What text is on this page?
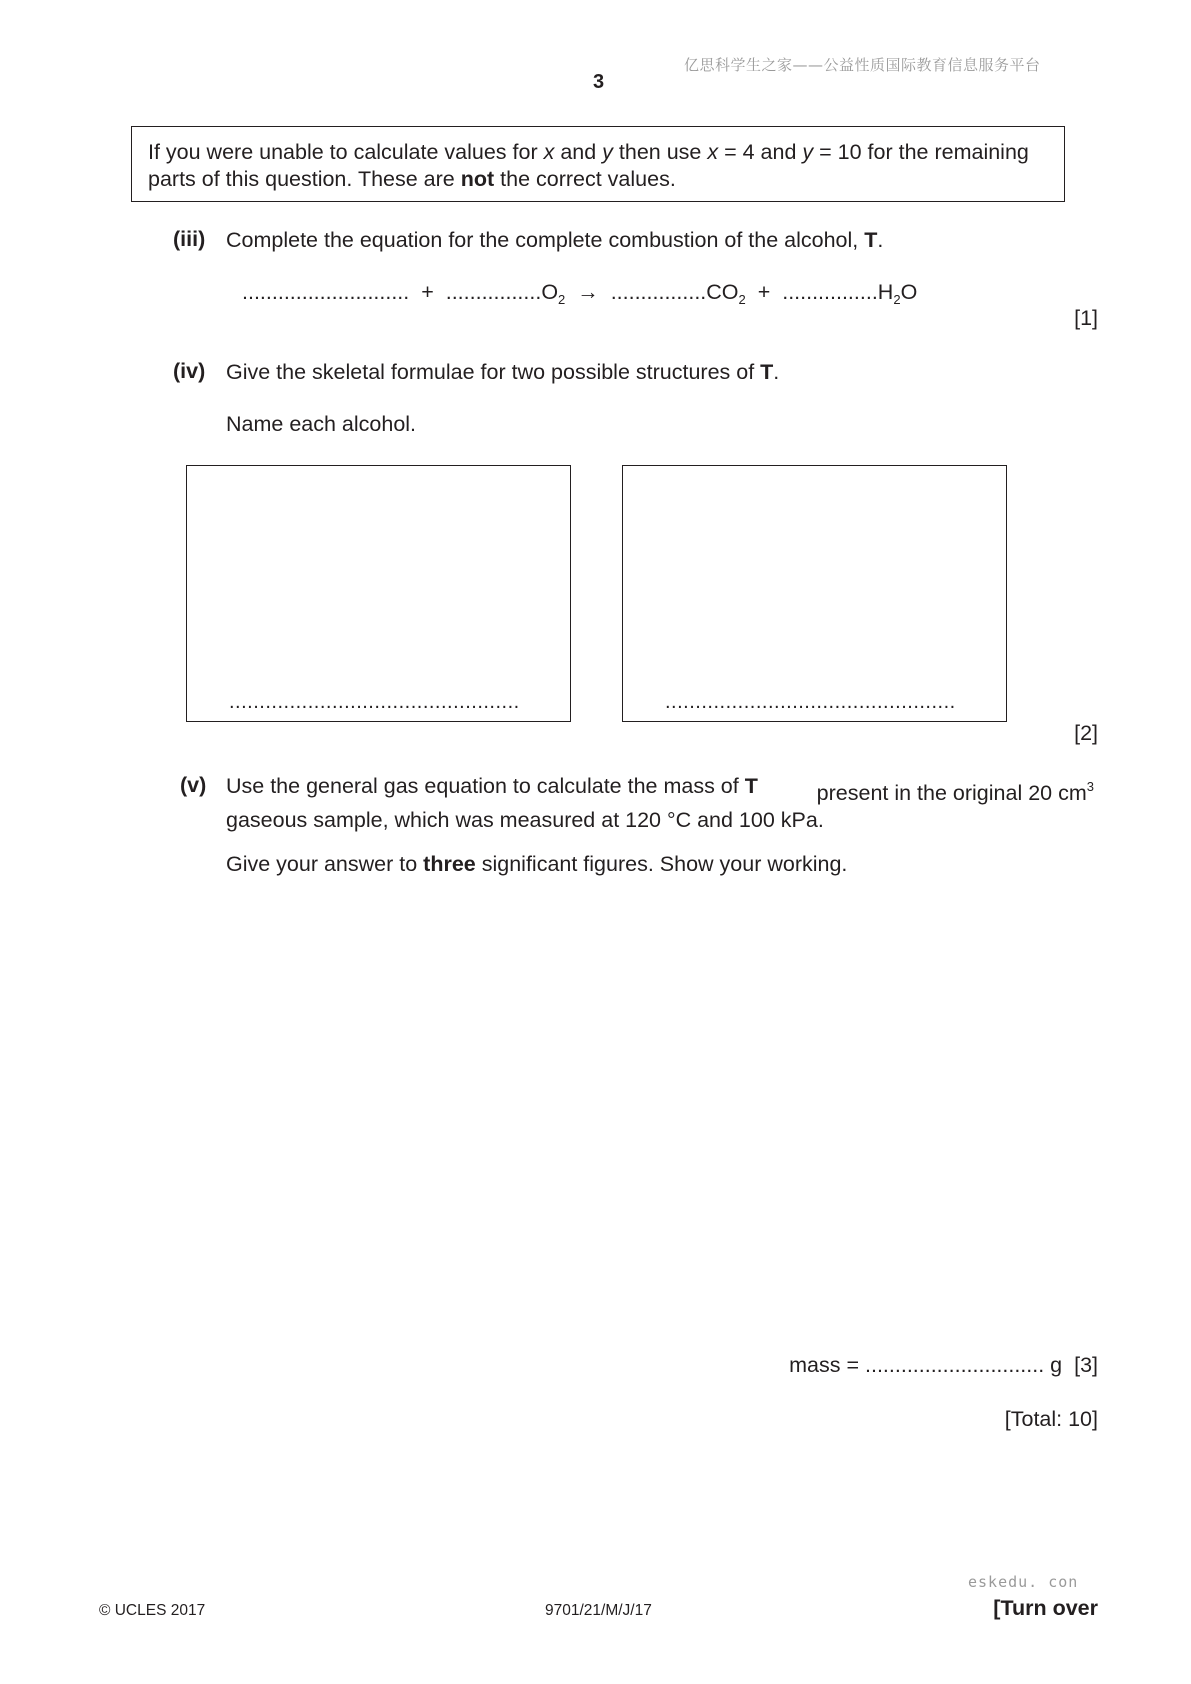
亿思科学生之家——公益性质国际教育信息服务平台
3
If you were unable to calculate values for x and y then use x = 4 and y = 10 for the remaining parts of this question. These are not the correct values.
(iii) Complete the equation for the complete combustion of the alcohol, T.
............................ + $................O_2 \to ................CO_2 + ................H_2O$
[1]
(iv) Give the skeletal formulae for two possible structures of T.
Name each alcohol.
................................................	................................................
[2]
(v) Use the general gas equation to calculate the mass of T present in the original 20 $cm^3$
gaseous sample, which was measured at 120 °C and 100 kPa.
Give your answer to three significant figures. Show your working.
mass = .............................. g [3]
[Total: 10]
eskedu. con
© UCLES 2017	9701/21/M/J/17	[Turn over
